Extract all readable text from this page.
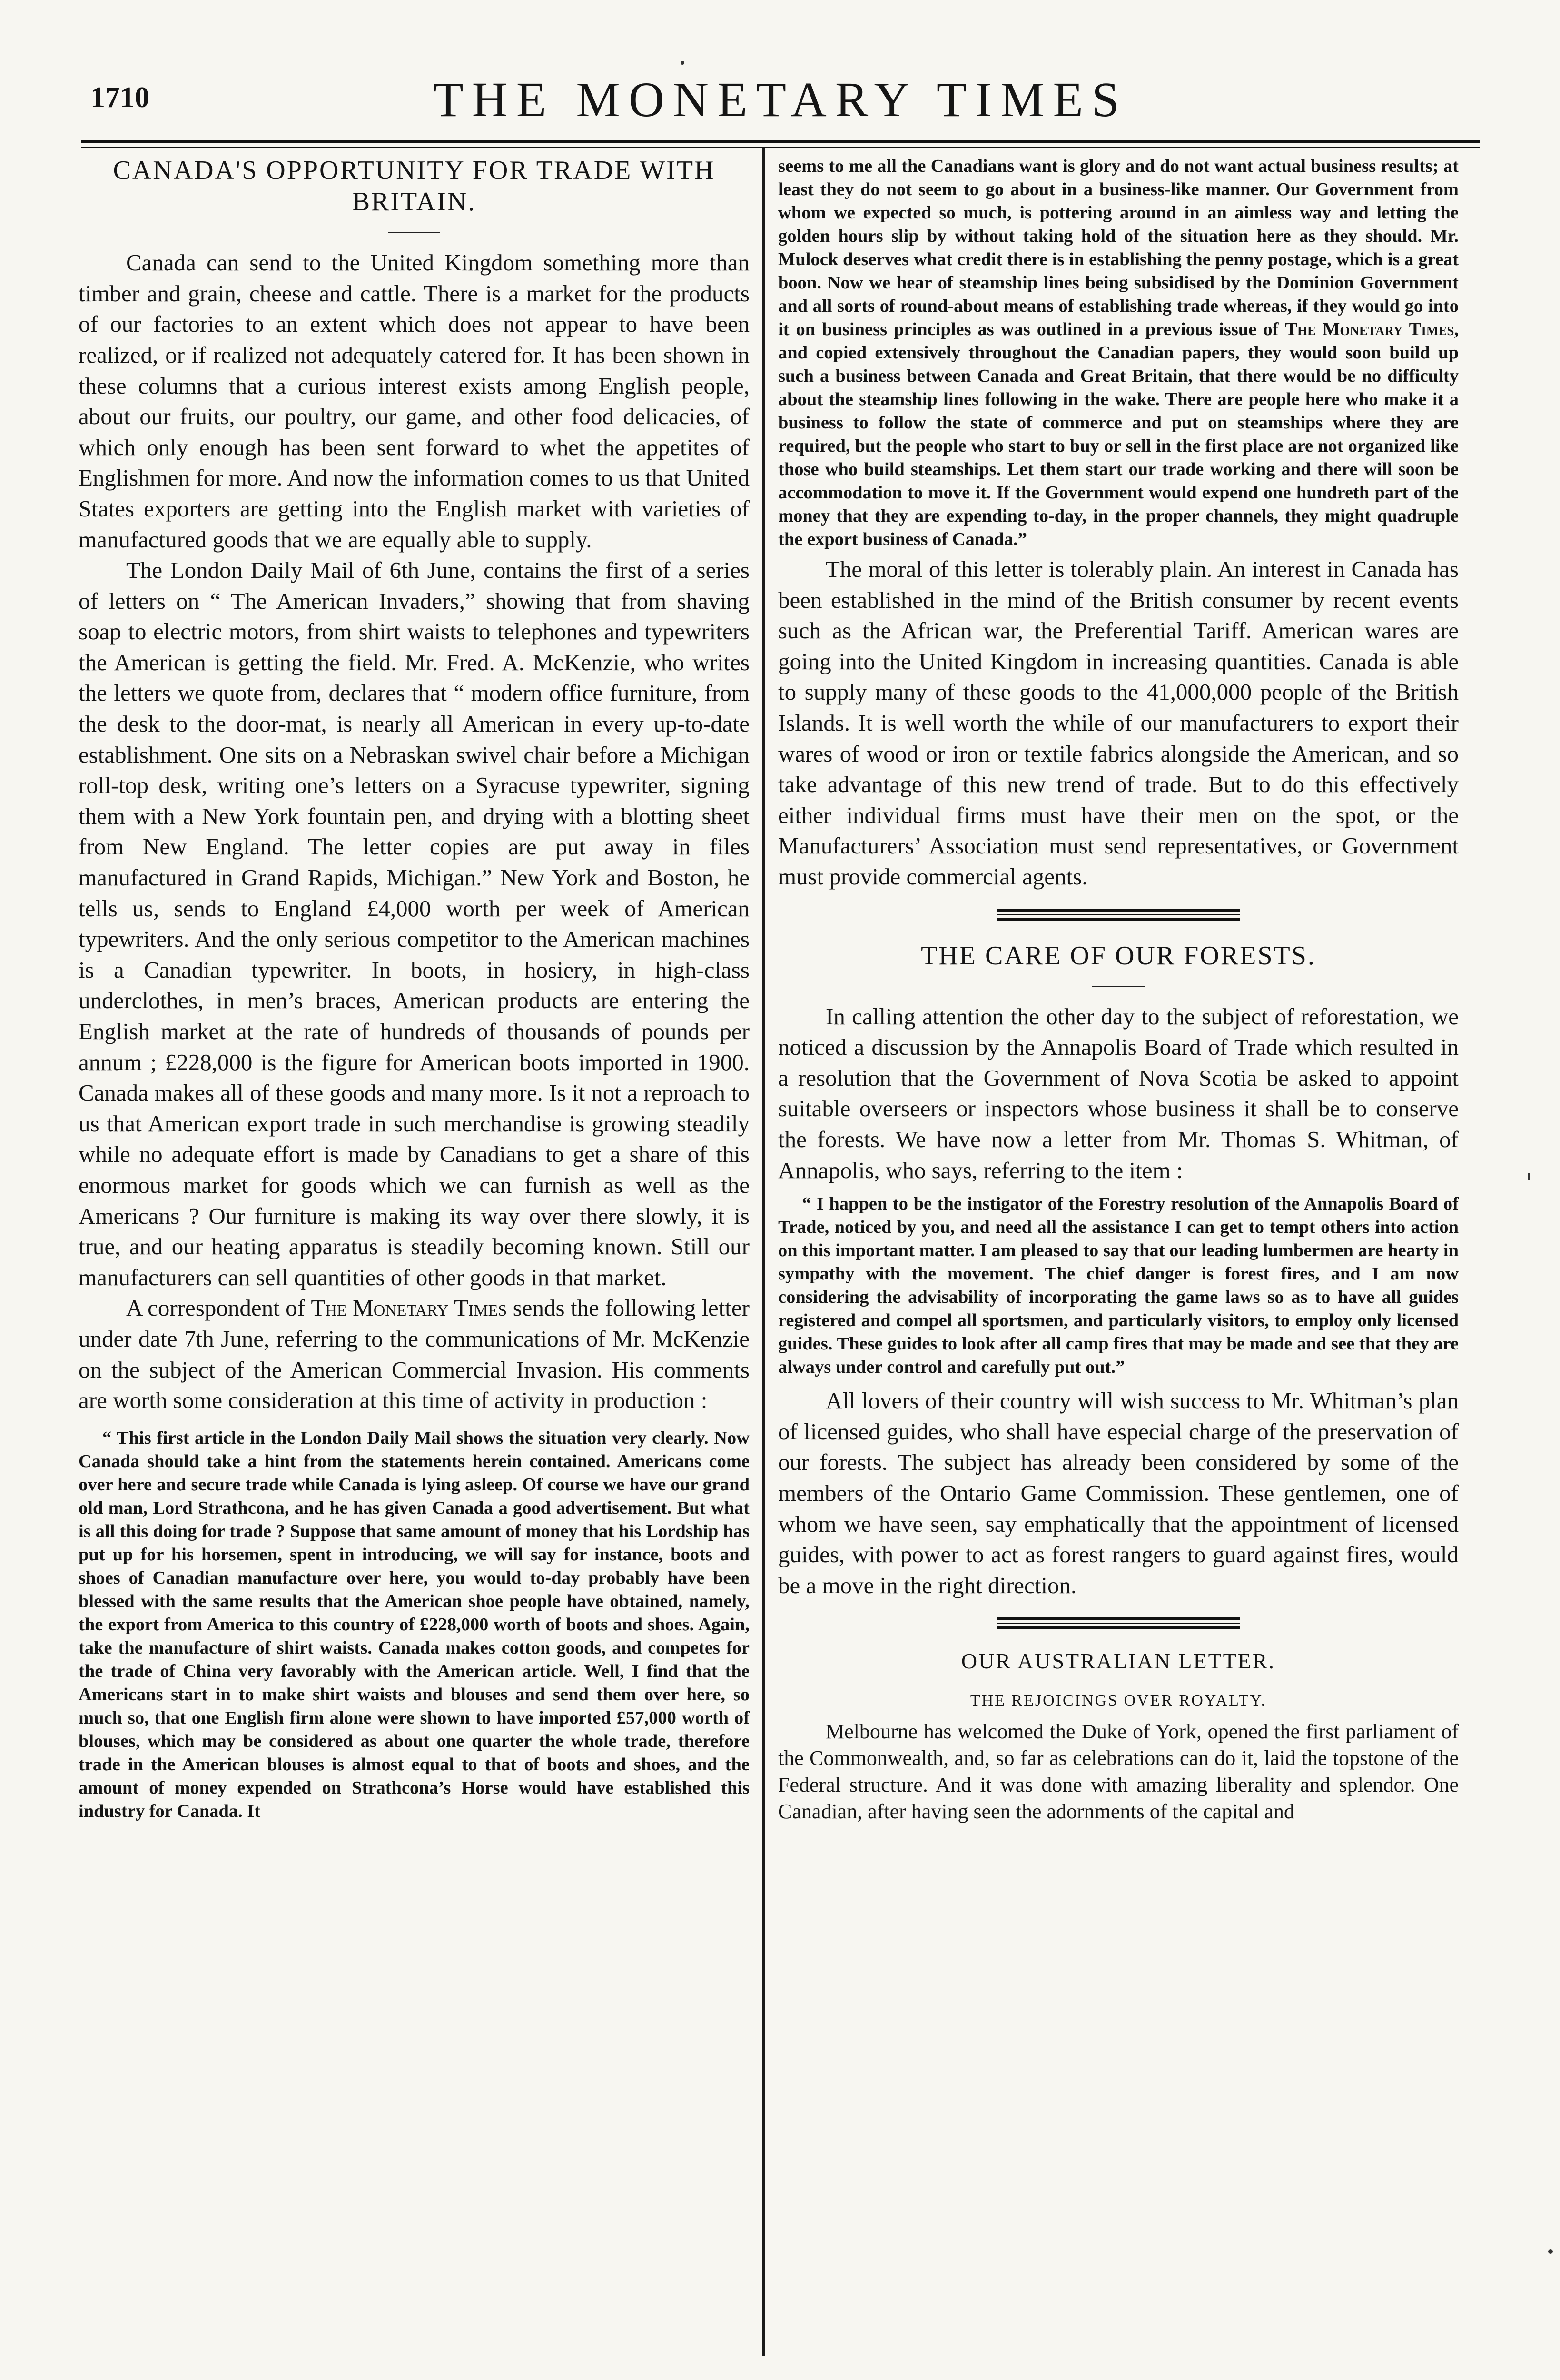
1710	THE MONETARY TIMES
CANADA'S OPPORTUNITY FOR TRADE WITH BRITAIN.

Canada can send to the United Kingdom something more than timber and grain, cheese and cattle. There is a market for the products of our factories to an extent which does not appear to have been realized, or if realized not adequately catered for. It has been shown in these columns that a curious interest exists among English people, about our fruits, our poultry, our game, and other food delicacies, of which only enough has been sent forward to whet the appetites of Englishmen for more. And now the information comes to us that United States exporters are getting into the English market with varieties of manufactured goods that we are equally able to supply.

The London Daily Mail of 6th June, contains the first of a series of letters on “ The American Invaders,” showing that from shaving soap to electric motors, from shirt waists to telephones and typewriters the American is getting the field. Mr. Fred. A. McKenzie, who writes the letters we quote from, declares that “ modern office furniture, from the desk to the door-mat, is nearly all American in every up-to-date establishment. One sits on a Nebraskan swivel chair before a Michigan roll-top desk, writing one’s letters on a Syracuse typewriter, signing them with a New York fountain pen, and drying with a blotting sheet from New England. The letter copies are put away in files manufactured in Grand Rapids, Michigan.” New York and Boston, he tells us, sends to England £4,000 worth per week of American typewriters. And the only serious competitor to the American machines is a Canadian typewriter. In boots, in hosiery, in high-class underclothes, in men’s braces, American products are entering the English market at the rate of hundreds of thousands of pounds per annum ; £228,000 is the figure for American boots imported in 1900. Canada makes all of these goods and many more. Is it not a reproach to us that American export trade in such merchandise is growing steadily while no adequate effort is made by Canadians to get a share of this enormous market for goods which we can furnish as well as the Americans ? Our furniture is making its way over there slowly, it is true, and our heating apparatus is steadily becoming known. Still our manufacturers can sell quantities of other goods in that market.

A correspondent of The Monetary Times sends the following letter under date 7th June, referring to the communications of Mr. McKenzie on the subject of the American Commercial Invasion. His comments are worth some consideration at this time of activity in production :

“ This first article in the London Daily Mail shows the situation very clearly. Now Canada should take a hint from the statements herein contained. Americans come over here and secure trade while Canada is lying asleep. Of course we have our grand old man, Lord Strathcona, and he has given Canada a good advertisement. But what is all this doing for trade ? Suppose that same amount of money that his Lordship has put up for his horsemen, spent in introducing, we will say for instance, boots and shoes of Canadian manufacture over here, you would to-day probably have been blessed with the same results that the American shoe people have obtained, namely, the export from America to this country of £228,000 worth of boots and shoes. Again, take the manufacture of shirt waists. Canada makes cotton goods, and competes for the trade of China very favorably with the American article. Well, I find that the Americans start in to make shirt waists and blouses and send them over here, so much so, that one English firm alone were shown to have imported £57,000 worth of blouses, which may be considered as about one quarter the whole trade, therefore trade in the American blouses is almost equal to that of boots and shoes, and the amount of money expended on Strathcona’s Horse would have established this industry for Canada. It

seems to me all the Canadians want is glory and do not want actual business results; at least they do not seem to go about in a business-like manner. Our Government from whom we expected so much, is pottering around in an aimless way and letting the golden hours slip by without taking hold of the situation here as they should. Mr. Mulock deserves what credit there is in establishing the penny postage, which is a great boon. Now we hear of steamship lines being subsidised by the Dominion Government and all sorts of round-about means of establishing trade whereas, if they would go into it on business principles as was outlined in a previous issue of The Monetary Times, and copied extensively throughout the Canadian papers, they would soon build up such a business between Canada and Great Britain, that there would be no difficulty about the steamship lines following in the wake. There are people here who make it a business to follow the state of commerce and put on steamships where they are required, but the people who start to buy or sell in the first place are not organized like those who build steamships. Let them start our trade working and there will soon be accommodation to move it. If the Government would expend one hundreth part of the money that they are expending to-day, in the proper channels, they might quadruple the export business of Canada.”

The moral of this letter is tolerably plain. An interest in Canada has been established in the mind of the British consumer by recent events such as the African war, the Preferential Tariff. American wares are going into the United Kingdom in increasing quantities. Canada is able to supply many of these goods to the 41,000,000 people of the British Islands. It is well worth the while of our manufacturers to export their wares of wood or iron or textile fabrics alongside the American, and so take advantage of this new trend of trade. But to do this effectively either individual firms must have their men on the spot, or the Manufacturers’ Association must send representatives, or Government must provide commercial agents.

THE CARE OF OUR FORESTS.

In calling attention the other day to the subject of reforestation, we noticed a discussion by the Annapolis Board of Trade which resulted in a resolution that the Government of Nova Scotia be asked to appoint suitable overseers or inspectors whose business it shall be to conserve the forests. We have now a letter from Mr. Thomas S. Whitman, of Annapolis, who says, referring to the item :

“ I happen to be the instigator of the Forestry resolution of the Annapolis Board of Trade, noticed by you, and need all the assistance I can get to tempt others into action on this important matter. I am pleased to say that our leading lumbermen are hearty in sympathy with the movement. The chief danger is forest fires, and I am now considering the advisability of incorporating the game laws so as to have all guides registered and compel all sportsmen, and particularly visitors, to employ only licensed guides. These guides to look after all camp fires that may be made and see that they are always under control and carefully put out.”

All lovers of their country will wish success to Mr. Whitman’s plan of licensed guides, who shall have especial charge of the preservation of our forests. The subject has already been considered by some of the members of the Ontario Game Commission. These gentlemen, one of whom we have seen, say emphatically that the appointment of licensed guides, with power to act as forest rangers to guard against fires, would be a move in the right direction.

OUR AUSTRALIAN LETTER.
THE REJOICINGS OVER ROYALTY.

Melbourne has welcomed the Duke of York, opened the first parliament of the Commonwealth, and, so far as celebrations can do it, laid the topstone of the Federal structure. And it was done with amazing liberality and splendor. One Canadian, after having seen the adornments of the capital and
